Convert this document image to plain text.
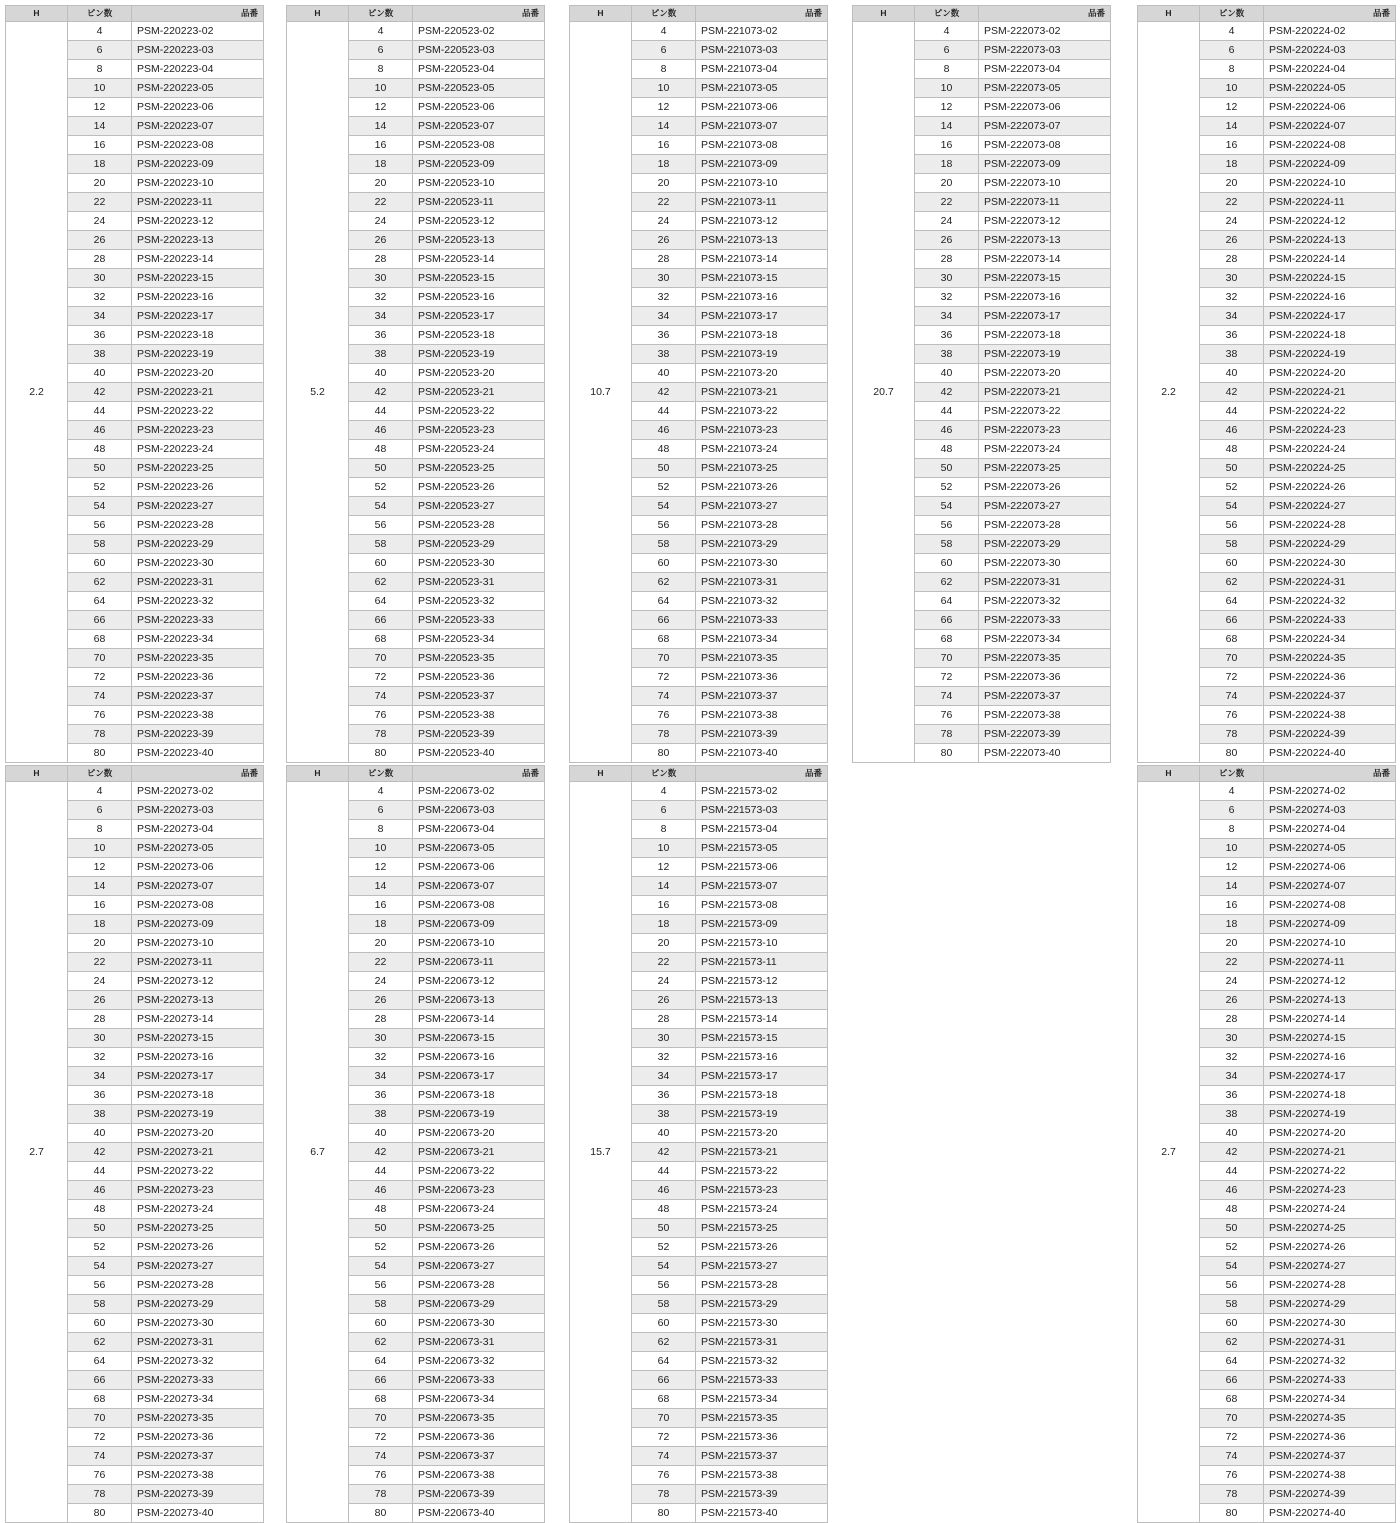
H	ピン数	品番
2.2	4	PSM-220223-02
	6	PSM-220223-03
	8	PSM-220223-04
	10	PSM-220223-05
	12	PSM-220223-06
	14	PSM-220223-07
	16	PSM-220223-08
	18	PSM-220223-09
	20	PSM-220223-10
	22	PSM-220223-11
	24	PSM-220223-12
	26	PSM-220223-13
	28	PSM-220223-14
	30	PSM-220223-15
	32	PSM-220223-16
	34	PSM-220223-17
	36	PSM-220223-18
	38	PSM-220223-19
	40	PSM-220223-20
	42	PSM-220223-21
	44	PSM-220223-22
	46	PSM-220223-23
	48	PSM-220223-24
	50	PSM-220223-25
	52	PSM-220223-26
	54	PSM-220223-27
	56	PSM-220223-28
	58	PSM-220223-29
	60	PSM-220223-30
	62	PSM-220223-31
	64	PSM-220223-32
	66	PSM-220223-33
	68	PSM-220223-34
	70	PSM-220223-35
	72	PSM-220223-36
	74	PSM-220223-37
	76	PSM-220223-38
	78	PSM-220223-39
	80	PSM-220223-40
H	ピン数	品番
5.2	4	PSM-220523-02
	6	PSM-220523-03
	8	PSM-220523-04
	10	PSM-220523-05
	12	PSM-220523-06
	14	PSM-220523-07
	16	PSM-220523-08
	18	PSM-220523-09
	20	PSM-220523-10
	22	PSM-220523-11
	24	PSM-220523-12
	26	PSM-220523-13
	28	PSM-220523-14
	30	PSM-220523-15
	32	PSM-220523-16
	34	PSM-220523-17
	36	PSM-220523-18
	38	PSM-220523-19
	40	PSM-220523-20
	42	PSM-220523-21
	44	PSM-220523-22
	46	PSM-220523-23
	48	PSM-220523-24
	50	PSM-220523-25
	52	PSM-220523-26
	54	PSM-220523-27
	56	PSM-220523-28
	58	PSM-220523-29
	60	PSM-220523-30
	62	PSM-220523-31
	64	PSM-220523-32
	66	PSM-220523-33
	68	PSM-220523-34
	70	PSM-220523-35
	72	PSM-220523-36
	74	PSM-220523-37
	76	PSM-220523-38
	78	PSM-220523-39
	80	PSM-220523-40
H	ピン数	品番
10.7	4	PSM-221073-02
	6	PSM-221073-03
	8	PSM-221073-04
	10	PSM-221073-05
	12	PSM-221073-06
	14	PSM-221073-07
	16	PSM-221073-08
	18	PSM-221073-09
	20	PSM-221073-10
	22	PSM-221073-11
	24	PSM-221073-12
	26	PSM-221073-13
	28	PSM-221073-14
	30	PSM-221073-15
	32	PSM-221073-16
	34	PSM-221073-17
	36	PSM-221073-18
	38	PSM-221073-19
	40	PSM-221073-20
	42	PSM-221073-21
	44	PSM-221073-22
	46	PSM-221073-23
	48	PSM-221073-24
	50	PSM-221073-25
	52	PSM-221073-26
	54	PSM-221073-27
	56	PSM-221073-28
	58	PSM-221073-29
	60	PSM-221073-30
	62	PSM-221073-31
	64	PSM-221073-32
	66	PSM-221073-33
	68	PSM-221073-34
	70	PSM-221073-35
	72	PSM-221073-36
	74	PSM-221073-37
	76	PSM-221073-38
	78	PSM-221073-39
	80	PSM-221073-40
H	ピン数	品番
20.7	4	PSM-222073-02
	6	PSM-222073-03
	8	PSM-222073-04
	10	PSM-222073-05
	12	PSM-222073-06
	14	PSM-222073-07
	16	PSM-222073-08
	18	PSM-222073-09
	20	PSM-222073-10
	22	PSM-222073-11
	24	PSM-222073-12
	26	PSM-222073-13
	28	PSM-222073-14
	30	PSM-222073-15
	32	PSM-222073-16
	34	PSM-222073-17
	36	PSM-222073-18
	38	PSM-222073-19
	40	PSM-222073-20
	42	PSM-222073-21
	44	PSM-222073-22
	46	PSM-222073-23
	48	PSM-222073-24
	50	PSM-222073-25
	52	PSM-222073-26
	54	PSM-222073-27
	56	PSM-222073-28
	58	PSM-222073-29
	60	PSM-222073-30
	62	PSM-222073-31
	64	PSM-222073-32
	66	PSM-222073-33
	68	PSM-222073-34
	70	PSM-222073-35
	72	PSM-222073-36
	74	PSM-222073-37
	76	PSM-222073-38
	78	PSM-222073-39
	80	PSM-222073-40
H	ピン数	品番
2.2	4	PSM-220224-02
	6	PSM-220224-03
	8	PSM-220224-04
	10	PSM-220224-05
	12	PSM-220224-06
	14	PSM-220224-07
	16	PSM-220224-08
	18	PSM-220224-09
	20	PSM-220224-10
	22	PSM-220224-11
	24	PSM-220224-12
	26	PSM-220224-13
	28	PSM-220224-14
	30	PSM-220224-15
	32	PSM-220224-16
	34	PSM-220224-17
	36	PSM-220224-18
	38	PSM-220224-19
	40	PSM-220224-20
	42	PSM-220224-21
	44	PSM-220224-22
	46	PSM-220224-23
	48	PSM-220224-24
	50	PSM-220224-25
	52	PSM-220224-26
	54	PSM-220224-27
	56	PSM-220224-28
	58	PSM-220224-29
	60	PSM-220224-30
	62	PSM-220224-31
	64	PSM-220224-32
	66	PSM-220224-33
	68	PSM-220224-34
	70	PSM-220224-35
	72	PSM-220224-36
	74	PSM-220224-37
	76	PSM-220224-38
	78	PSM-220224-39
	80	PSM-220224-40
H	ピン数	品番
2.7	4	PSM-220273-02
	6	PSM-220273-03
	8	PSM-220273-04
	10	PSM-220273-05
	12	PSM-220273-06
	14	PSM-220273-07
	16	PSM-220273-08
	18	PSM-220273-09
	20	PSM-220273-10
	22	PSM-220273-11
	24	PSM-220273-12
	26	PSM-220273-13
	28	PSM-220273-14
	30	PSM-220273-15
	32	PSM-220273-16
	34	PSM-220273-17
	36	PSM-220273-18
	38	PSM-220273-19
	40	PSM-220273-20
	42	PSM-220273-21
	44	PSM-220273-22
	46	PSM-220273-23
	48	PSM-220273-24
	50	PSM-220273-25
	52	PSM-220273-26
	54	PSM-220273-27
	56	PSM-220273-28
	58	PSM-220273-29
	60	PSM-220273-30
	62	PSM-220273-31
	64	PSM-220273-32
	66	PSM-220273-33
	68	PSM-220273-34
	70	PSM-220273-35
	72	PSM-220273-36
	74	PSM-220273-37
	76	PSM-220273-38
	78	PSM-220273-39
	80	PSM-220273-40
H	ピン数	品番
6.7	4	PSM-220673-02
	6	PSM-220673-03
	8	PSM-220673-04
	10	PSM-220673-05
	12	PSM-220673-06
	14	PSM-220673-07
	16	PSM-220673-08
	18	PSM-220673-09
	20	PSM-220673-10
	22	PSM-220673-11
	24	PSM-220673-12
	26	PSM-220673-13
	28	PSM-220673-14
	30	PSM-220673-15
	32	PSM-220673-16
	34	PSM-220673-17
	36	PSM-220673-18
	38	PSM-220673-19
	40	PSM-220673-20
	42	PSM-220673-21
	44	PSM-220673-22
	46	PSM-220673-23
	48	PSM-220673-24
	50	PSM-220673-25
	52	PSM-220673-26
	54	PSM-220673-27
	56	PSM-220673-28
	58	PSM-220673-29
	60	PSM-220673-30
	62	PSM-220673-31
	64	PSM-220673-32
	66	PSM-220673-33
	68	PSM-220673-34
	70	PSM-220673-35
	72	PSM-220673-36
	74	PSM-220673-37
	76	PSM-220673-38
	78	PSM-220673-39
	80	PSM-220673-40
H	ピン数	品番
15.7	4	PSM-221573-02
	6	PSM-221573-03
	8	PSM-221573-04
	10	PSM-221573-05
	12	PSM-221573-06
	14	PSM-221573-07
	16	PSM-221573-08
	18	PSM-221573-09
	20	PSM-221573-10
	22	PSM-221573-11
	24	PSM-221573-12
	26	PSM-221573-13
	28	PSM-221573-14
	30	PSM-221573-15
	32	PSM-221573-16
	34	PSM-221573-17
	36	PSM-221573-18
	38	PSM-221573-19
	40	PSM-221573-20
	42	PSM-221573-21
	44	PSM-221573-22
	46	PSM-221573-23
	48	PSM-221573-24
	50	PSM-221573-25
	52	PSM-221573-26
	54	PSM-221573-27
	56	PSM-221573-28
	58	PSM-221573-29
	60	PSM-221573-30
	62	PSM-221573-31
	64	PSM-221573-32
	66	PSM-221573-33
	68	PSM-221573-34
	70	PSM-221573-35
	72	PSM-221573-36
	74	PSM-221573-37
	76	PSM-221573-38
	78	PSM-221573-39
	80	PSM-221573-40
H	ピン数	品番
2.7	4	PSM-220274-02
	6	PSM-220274-03
	8	PSM-220274-04
	10	PSM-220274-05
	12	PSM-220274-06
	14	PSM-220274-07
	16	PSM-220274-08
	18	PSM-220274-09
	20	PSM-220274-10
	22	PSM-220274-11
	24	PSM-220274-12
	26	PSM-220274-13
	28	PSM-220274-14
	30	PSM-220274-15
	32	PSM-220274-16
	34	PSM-220274-17
	36	PSM-220274-18
	38	PSM-220274-19
	40	PSM-220274-20
	42	PSM-220274-21
	44	PSM-220274-22
	46	PSM-220274-23
	48	PSM-220274-24
	50	PSM-220274-25
	52	PSM-220274-26
	54	PSM-220274-27
	56	PSM-220274-28
	58	PSM-220274-29
	60	PSM-220274-30
	62	PSM-220274-31
	64	PSM-220274-32
	66	PSM-220274-33
	68	PSM-220274-34
	70	PSM-220274-35
	72	PSM-220274-36
	74	PSM-220274-37
	76	PSM-220274-38
	78	PSM-220274-39
	80	PSM-220274-40
